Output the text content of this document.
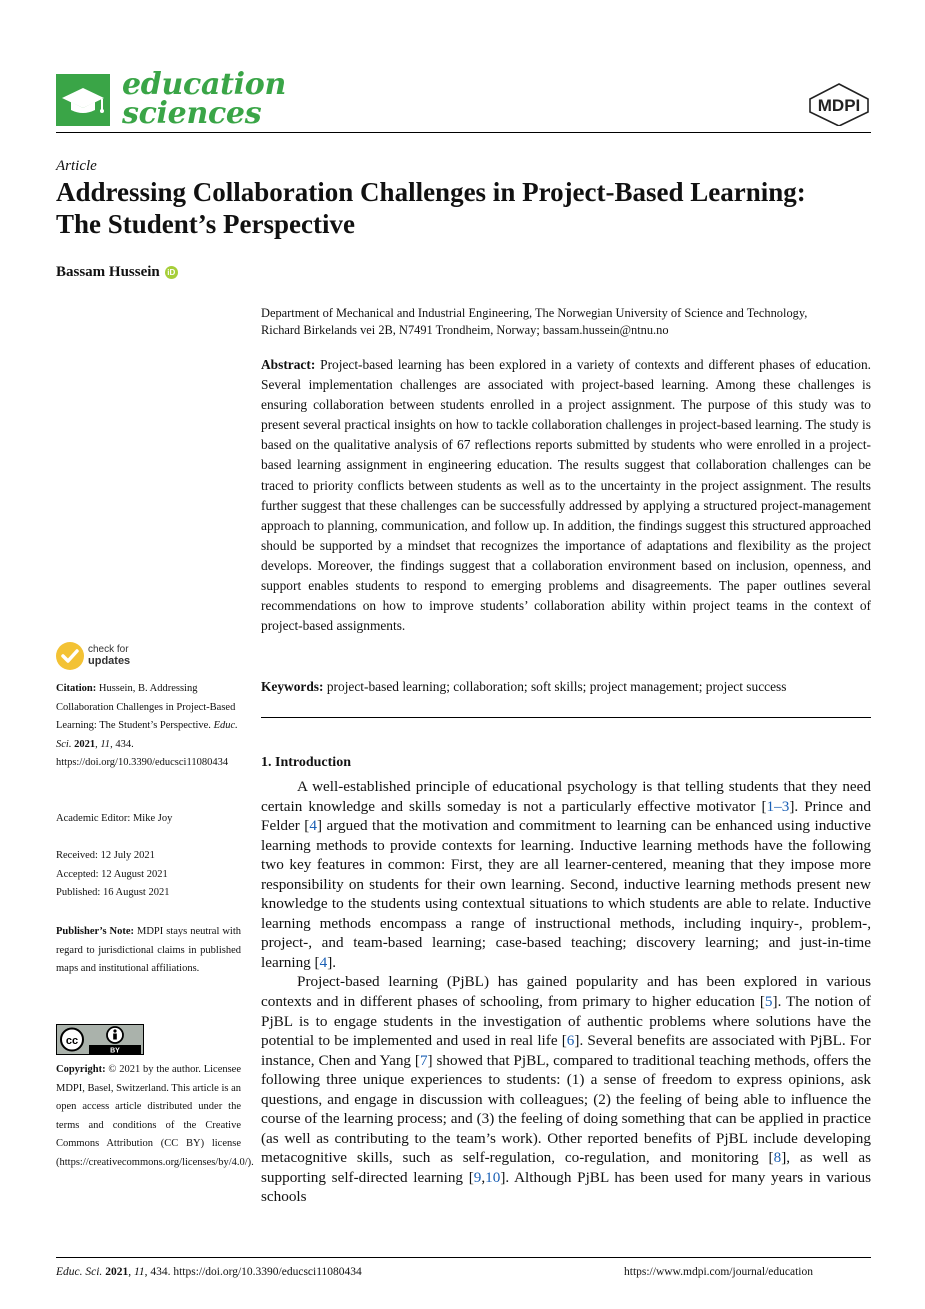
education
sciences	MDPI
Article
Addressing Collaboration Challenges in Project-Based Learning: The Student’s Perspective
Bassam Hussein iD
Department of Mechanical and Industrial Engineering, The Norwegian University of Science and Technology,
Richard Birkelands vei 2B, N7491 Trondheim, Norway; bassam.hussein@ntnu.no
Abstract: Project-based learning has been explored in a variety of contexts and different phases of education. Several implementation challenges are associated with project-based learning. Among these challenges is ensuring collaboration between students enrolled in a project assignment. The purpose of this study was to present several practical insights on how to tackle collaboration challenges in project-based learning. The study is based on the qualitative analysis of 67 reflections reports submitted by students who were enrolled in a project-based learning assignment in engineering education. The results suggest that collaboration challenges can be traced to priority conflicts between students as well as to the uncertainty in the project assignment. The results further suggest that these challenges can be successfully addressed by applying a structured project-management approach to planning, communication, and follow up. In addition, the findings suggest this structured approached should be supported by a mindset that recognizes the importance of adaptations and flexibility as the project develops. Moreover, the findings suggest that a collaboration environment based on inclusion, openness, and support enables students to respond to emerging problems and disagreements. The paper outlines several recommendations on how to improve students’ collaboration ability within project teams in the context of project-based assignments.
Keywords: project-based learning; collaboration; soft skills; project management; project success
1. Introduction

A well-established principle of educational psychology is that telling students that they need certain knowledge and skills someday is not a particularly effective motivator [1–3]. Prince and Felder [4] argued that the motivation and commitment to learning can be enhanced using inductive learning methods to provide contexts for learning. Inductive learning methods have the following two key features in common: First, they are all learner-centered, meaning that they impose more responsibility on students for their own learning. Second, inductive learning methods present new knowledge to the students using contextual situations to which students are able to relate. Inductive learning methods encompass a range of instructional methods, including inquiry-, problem-, project-, and team-based learning; case-based teaching; discovery learning; and just-in-time learning [4].

Project-based learning (PjBL) has gained popularity and has been explored in various contexts and in different phases of schooling, from primary to higher education [5]. The notion of PjBL is to engage students in the investigation of authentic problems where solutions have the potential to be implemented and used in real life [6]. Several benefits are associated with PjBL. For instance, Chen and Yang [7] showed that PjBL, compared to traditional teaching methods, offers the following three unique experiences to students: (1) a sense of freedom to express opinions, ask questions, and engage in discussion with colleagues; (2) the feeling of being able to influence the course of the learning process; and (3) the feeling of doing something that can be applied in practice (as well as contributing to the team’s work). Other reported benefits of PjBL include developing metacognitive skills, such as self-regulation, co-regulation, and monitoring [8], as well as supporting self-directed learning [9,10]. Although PjBL has been used for many years in various schools

check for
updates
Citation: Hussein, B. Addressing Collaboration Challenges in Project-Based Learning: The Student’s Perspective. Educ. Sci. 2021, 11, 434. https://doi.org/10.3390/educsci11080434
Academic Editor: Mike Joy
Received: 12 July 2021
Accepted: 12 August 2021
Published: 16 August 2021
Publisher’s Note: MDPI stays neutral with regard to jurisdictional claims in published maps and institutional affiliations.
cc
BY
Copyright: © 2021 by the author. Licensee MDPI, Basel, Switzerland. This article is an open access article distributed under the terms and conditions of the Creative Commons Attribution (CC BY) license (https://creativecommons.org/licenses/by/4.0/).
Educ. Sci. 2021, 11, 434. https://doi.org/10.3390/educsci11080434	https://www.mdpi.com/journal/education
